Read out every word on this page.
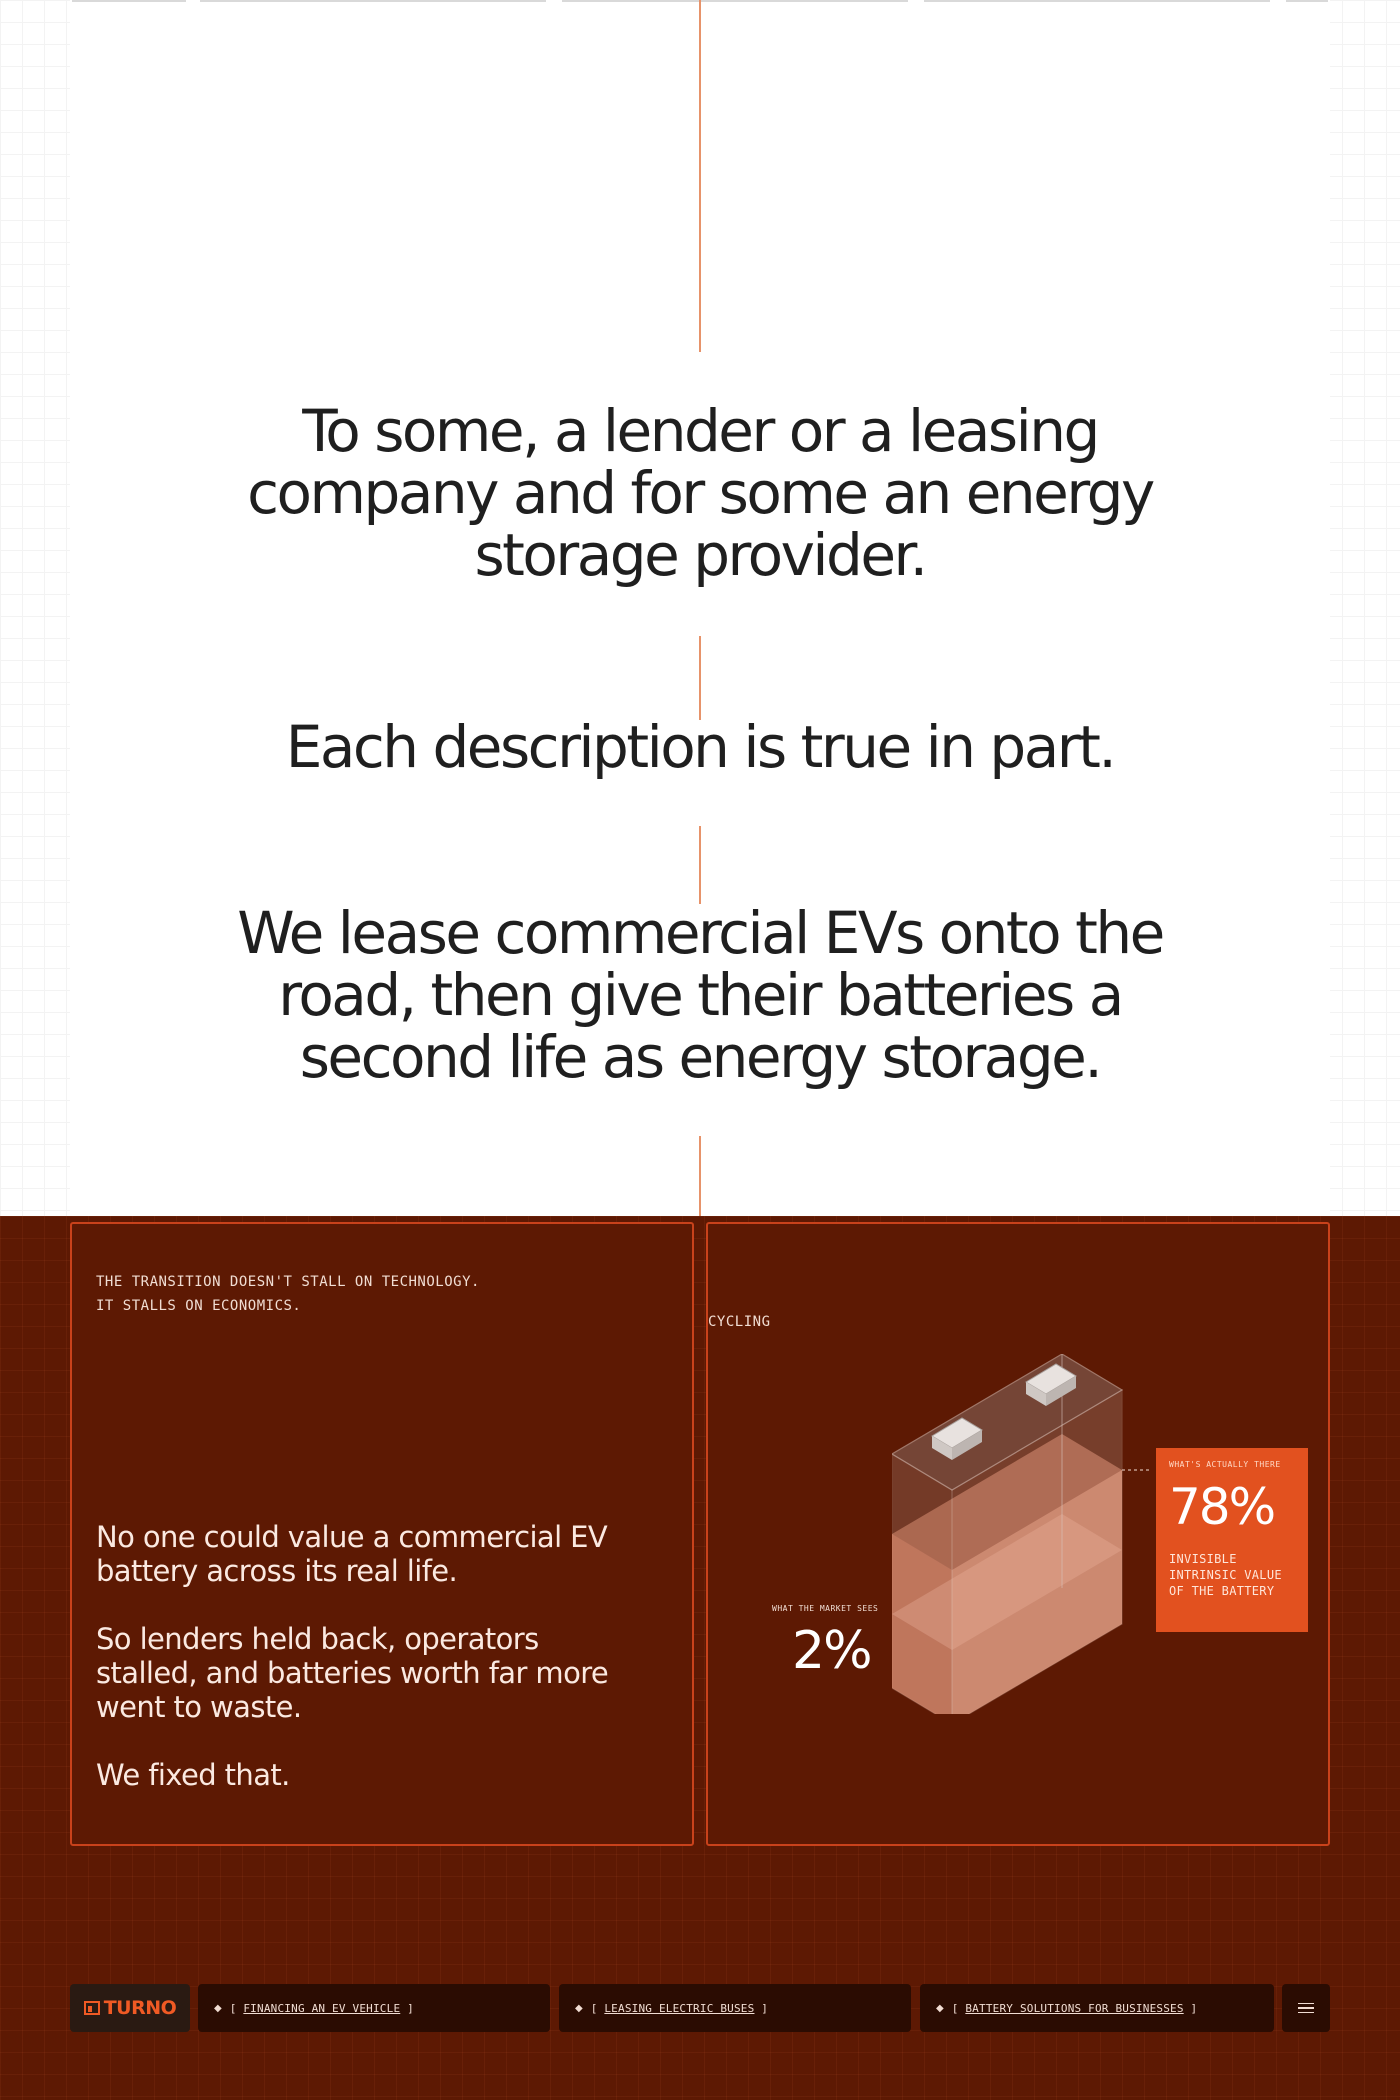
To some, a lender or a leasing company and for some an energy storage provider.
Each description is true in part.
We lease commercial EVs onto the road, then give their batteries a second life as energy storage.
THE TRANSITION DOESN'T STALL ON TECHNOLOGY.
IT STALLS ON ECONOMICS.

No one could value a commercial EV battery across its real life.

So lenders held back, operators stalled, and batteries worth far more went to waste.

We fixed that.

CYCLING
WHAT THE MARKET SEES
2%
WHAT'S ACTUALLY THERE
78%
INVISIBLE INTRINSIC VALUE OF THE BATTERY
TURNO	◆ [ FINANCING AN EV VEHICLE ]	◆ [ LEASING ELECTRIC BUSES ]	◆ [ BATTERY SOLUTIONS FOR BUSINESSES ]
